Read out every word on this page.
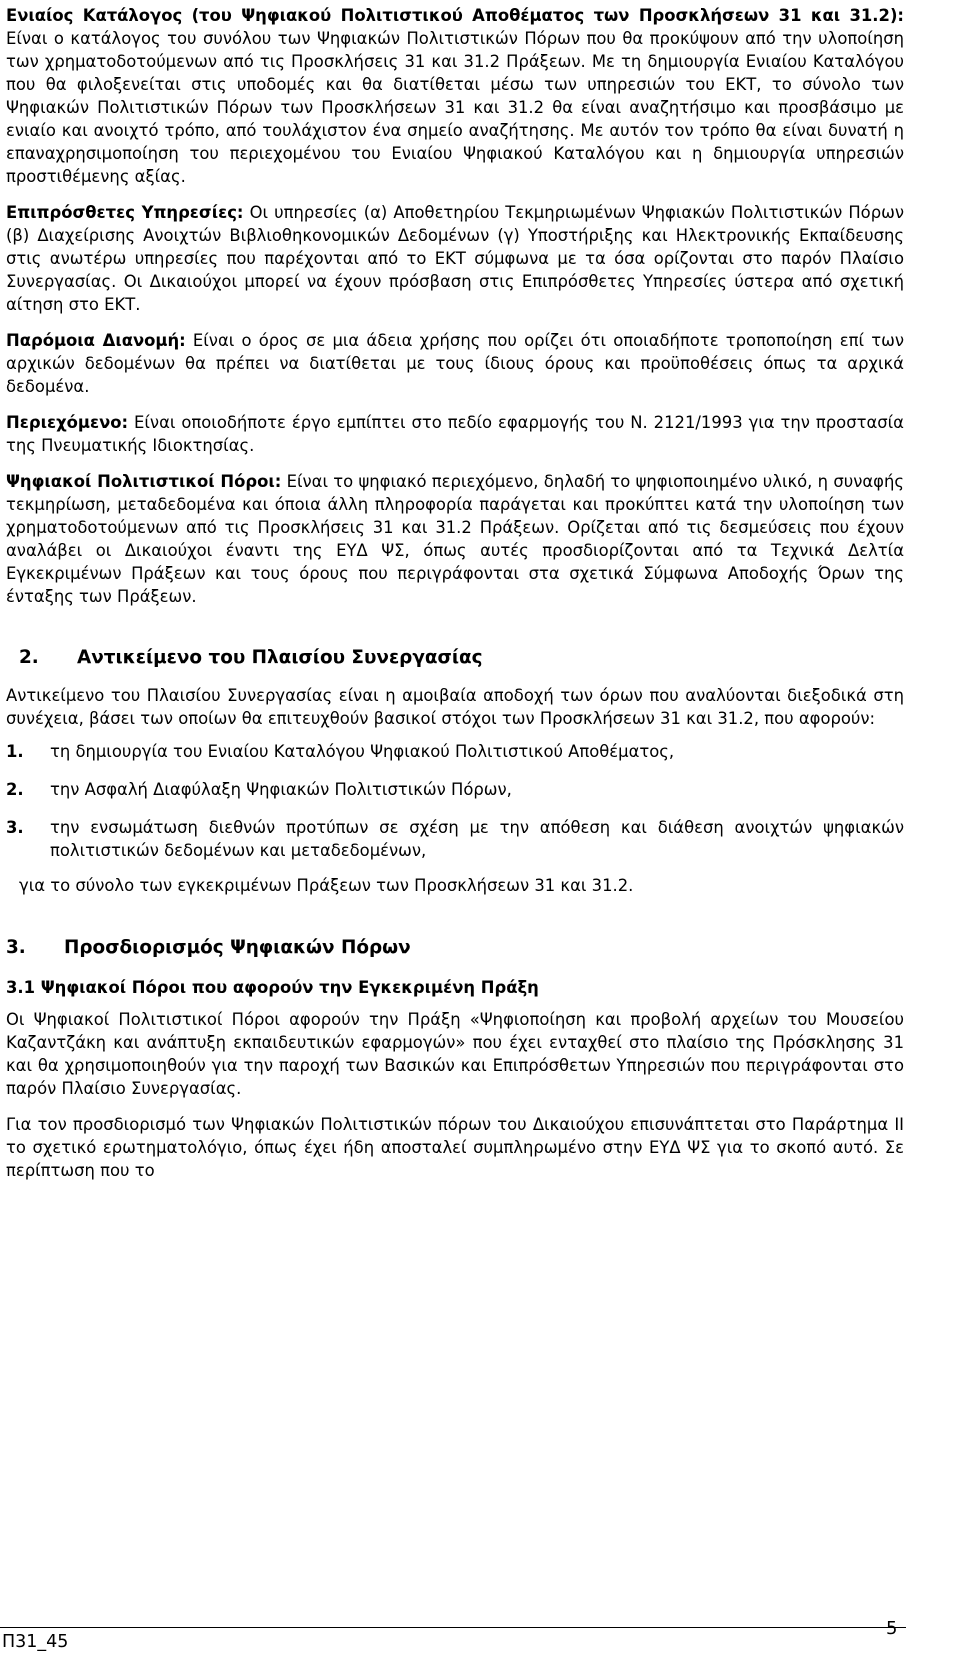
Ενιαίος Κατάλογος (του Ψηφιακού Πολιτιστικού Αποθέματος των Προσκλήσεων 31 και 31.2): Είναι ο κατάλογος του συνόλου των Ψηφιακών Πολιτιστικών Πόρων που θα προκύψουν από την υλοποίηση των χρηματοδοτούμενων από τις Προσκλήσεις 31 και 31.2 Πράξεων. Με τη δημιουργία Ενιαίου Καταλόγου που θα φιλοξενείται στις υποδομές και θα διατίθεται μέσω των υπηρεσιών του ΕΚΤ, το σύνολο των Ψηφιακών Πολιτιστικών Πόρων των Προσκλήσεων 31 και 31.2 θα είναι αναζητήσιμο και προσβάσιμο με ενιαίο και ανοιχτό τρόπο, από τουλάχιστον ένα σημείο αναζήτησης. Με αυτόν τον τρόπο θα είναι δυνατή η επαναχρησιμοποίηση του περιεχομένου του Ενιαίου Ψηφιακού Καταλόγου και η δημιουργία υπηρεσιών προστιθέμενης αξίας.

Επιπρόσθετες Υπηρεσίες: Οι υπηρεσίες (α) Αποθετηρίου Τεκμηριωμένων Ψηφιακών Πολιτιστικών Πόρων (β) Διαχείρισης Ανοιχτών Βιβλιοθηκονομικών Δεδομένων (γ) Υποστήριξης και Ηλεκτρονικής Εκπαίδευσης στις ανωτέρω υπηρεσίες που παρέχονται από το ΕΚΤ σύμφωνα με τα όσα ορίζονται στο παρόν Πλαίσιο Συνεργασίας. Οι Δικαιούχοι μπορεί να έχουν πρόσβαση στις Επιπρόσθετες Υπηρεσίες ύστερα από σχετική αίτηση στο ΕΚΤ.

Παρόμοια Διανομή: Είναι ο όρος σε μια άδεια χρήσης που ορίζει ότι οποιαδήποτε τροποποίηση επί των αρχικών δεδομένων θα πρέπει να διατίθεται με τους ίδιους όρους και προϋποθέσεις όπως τα αρχικά δεδομένα.

Περιεχόμενο: Είναι οποιοδήποτε έργο εμπίπτει στο πεδίο εφαρμογής του Ν. 2121/1993 για την προστασία της Πνευματικής Ιδιοκτησίας.

Ψηφιακοί Πολιτιστικοί Πόροι: Είναι το ψηφιακό περιεχόμενο, δηλαδή το ψηφιοποιημένο υλικό, η συναφής τεκμηρίωση, μεταδεδομένα και όποια άλλη πληροφορία παράγεται και προκύπτει κατά την υλοποίηση των χρηματοδοτούμενων από τις Προσκλήσεις 31 και 31.2 Πράξεων. Ορίζεται από τις δεσμεύσεις που έχουν αναλάβει οι Δικαιούχοι έναντι της ΕΥΔ ΨΣ, όπως αυτές προσδιορίζονται από τα Τεχνικά Δελτία Εγκεκριμένων Πράξεων και τους όρους που περιγράφονται στα σχετικά Σύμφωνα Αποδοχής Όρων της ένταξης των Πράξεων.

2.	Αντικείμενο του Πλαισίου Συνεργασίας

Αντικείμενο του Πλαισίου Συνεργασίας είναι η αμοιβαία αποδοχή των όρων που αναλύονται διεξοδικά στη συνέχεια, βάσει των οποίων θα επιτευχθούν βασικοί στόχοι των Προσκλήσεων 31 και 31.2, που αφορούν:

1.	τη δημιουργία του Ενιαίου Καταλόγου Ψηφιακού Πολιτιστικού Αποθέματος,
2.	την Ασφαλή Διαφύλαξη Ψηφιακών Πολιτιστικών Πόρων,
3.	την ενσωμάτωση διεθνών προτύπων σε σχέση με την απόθεση και διάθεση ανοιχτών ψηφιακών πολιτιστικών δεδομένων και μεταδεδομένων,

για το σύνολο των εγκεκριμένων Πράξεων των Προσκλήσεων 31 και 31.2.

3.	Προσδιορισμός Ψηφιακών Πόρων
3.1 Ψηφιακοί Πόροι που αφορούν την Εγκεκριμένη Πράξη

Οι Ψηφιακοί Πολιτιστικοί Πόροι αφορούν την Πράξη «Ψηφιοποίηση και προβολή αρχείων του Μουσείου Καζαντζάκη και ανάπτυξη εκπαιδευτικών εφαρμογών» που έχει ενταχθεί στο πλαίσιο της Πρόσκλησης 31 και θα χρησιμοποιηθούν για την παροχή των Βασικών και Επιπρόσθετων Υπηρεσιών που περιγράφονται στο παρόν Πλαίσιο Συνεργασίας.

Για τον προσδιορισμό των Ψηφιακών Πολιτιστικών πόρων του Δικαιούχου επισυνάπτεται στο Παράρτημα ΙΙ το σχετικό ερωτηματολόγιο, όπως έχει ήδη αποσταλεί συμπληρωμένο στην ΕΥΔ ΨΣ για το σκοπό αυτό. Σε περίπτωση που το

Π31_45
5
